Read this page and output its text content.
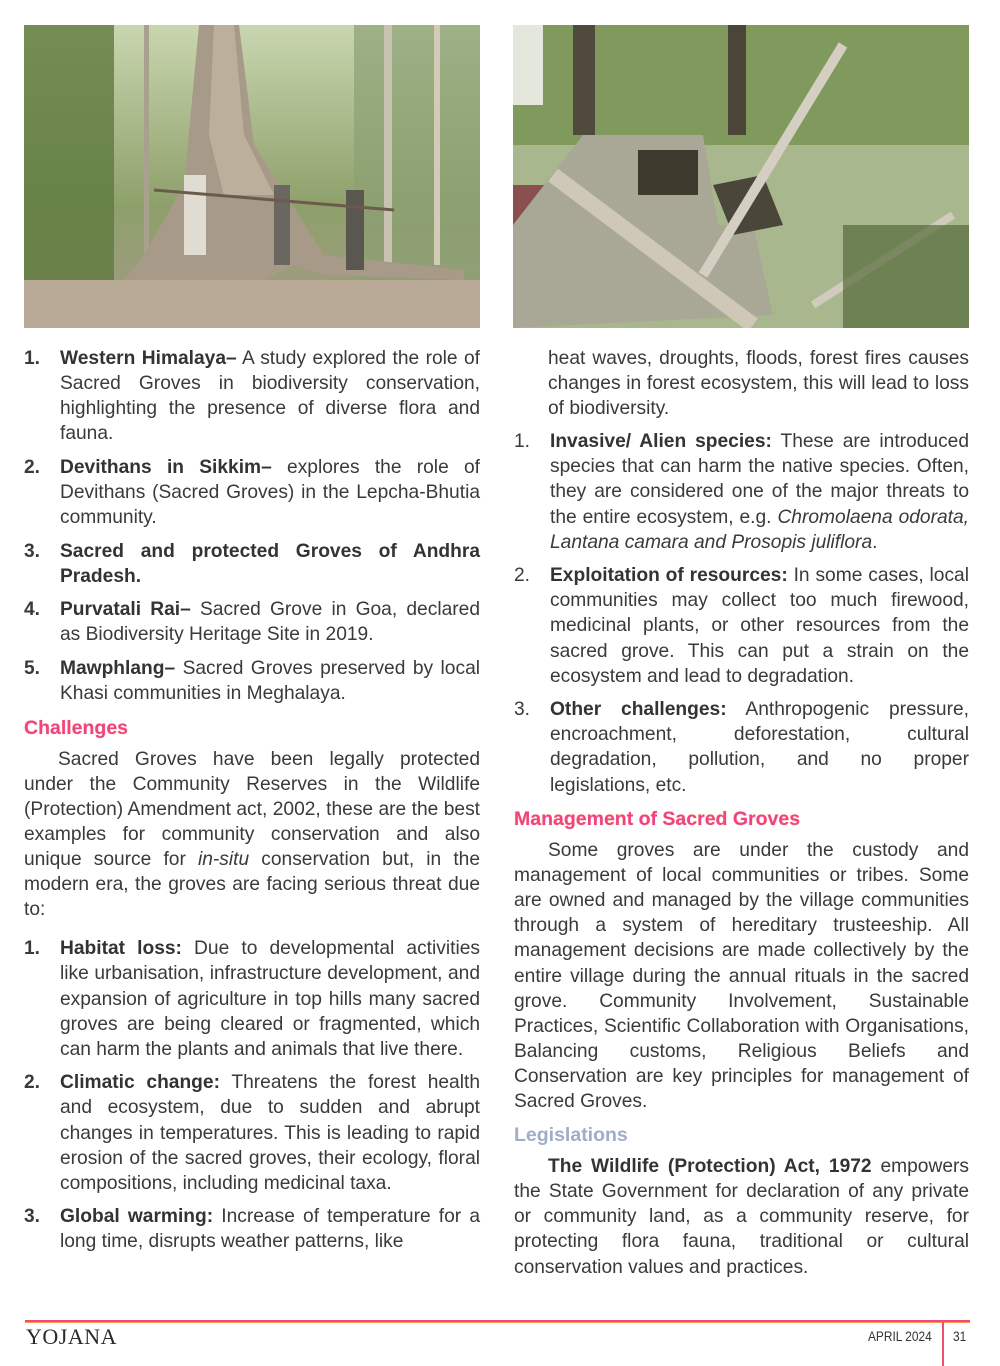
1.	Western Himalaya– A study explored the role of Sacred Groves in biodiversity conservation, highlighting the presence of diverse flora and fauna.
2.	Devithans in Sikkim– explores the role of Devithans (Sacred Groves) in the Lepcha-Bhutia community.
3.	Sacred and protected Groves of Andhra Pradesh.
4.	Purvatali Rai– Sacred Grove in Goa, declared as Biodiversity Heritage Site in 2019.
5.	Mawphlang– Sacred Groves preserved by local Khasi communities in Meghalaya.
Challenges
Sacred Groves have been legally protected under the Community Reserves in the Wildlife (Protection) Amendment act, 2002, these are the best examples for community conservation and also unique source for in-situ conservation but, in the modern era, the groves are facing serious threat due to:
1.	Habitat loss: Due to developmental activities like urbanisation, infrastructure development, and expansion of agriculture in top hills many sacred groves are being cleared or fragmented, which can harm the plants and animals that live there.
2.	Climatic change: Threatens the forest health and ecosystem, due to sudden and abrupt changes in temperatures. This is leading to rapid erosion of the sacred groves, their ecology, floral compositions, including medicinal taxa.
3.	Global warming: Increase of temperature for a long time, disrupts weather patterns, like
heat waves, droughts, floods, forest fires causes changes in forest ecosystem, this will lead to loss of biodiversity.
1.	Invasive/ Alien species: These are introduced species that can harm the native species. Often, they are considered one of the major threats to the entire ecosystem, e.g. Chromolaena odorata, Lantana camara and Prosopis juliflora.
2.	Exploitation of resources: In some cases, local communities may collect too much firewood, medicinal plants, or other resources from the sacred grove. This can put a strain on the ecosystem and lead to degradation.
3.	Other challenges: Anthropogenic pressure, encroachment, deforestation, cultural degradation, pollution, and no proper legislations, etc.
Management of Sacred Groves
Some groves are under the custody and management of local communities or tribes. Some are owned and managed by the village communities through a system of hereditary trusteeship. All management decisions are made collectively by the entire village during the annual rituals in the sacred grove. Community Involvement, Sustainable Practices, Scientific Collaboration with Organisations, Balancing customs, Religious Beliefs and Conservation are key principles for management of Sacred Groves.
Legislations
The Wildlife (Protection) Act, 1972 empowers the State Government for declaration of any private or community land, as a community reserve, for protecting flora fauna, traditional or cultural conservation values and practices.
YOJANA	APRIL 2024 31
